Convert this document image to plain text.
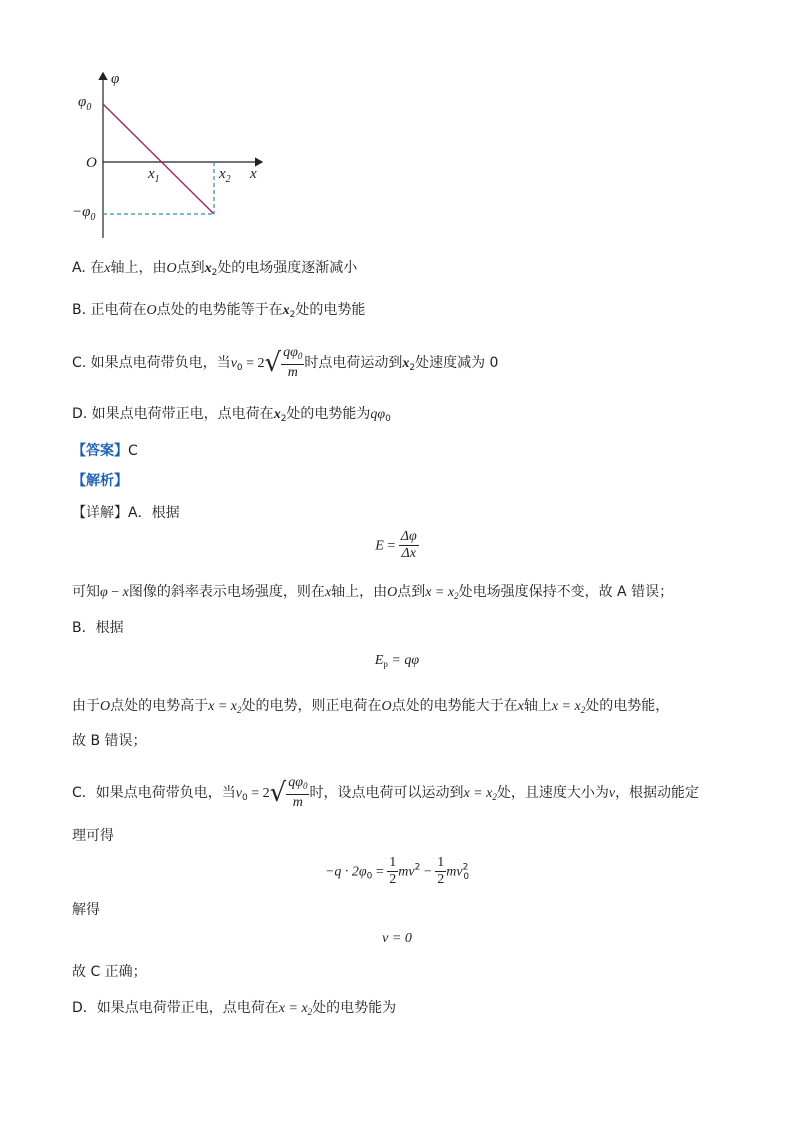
φ
$\varphi_0$
O
$x_1$	$x_2$ x
$-\varphi_0$
A. 在x轴上，由O点到$x_2$处的电场强度逐渐减小
B. 正电荷在O点处的电势能等于在$x_2$处的电势能
C. 如果点电荷带负电，当$v_0 = 2√ \frac{q\varphi_0}{m}$ 时点电荷运动到$x_2$处速度减为 0
D. 如果点电荷带正电，点电荷在$x_2$处的电势能为$q\varphi_0$
【答案】C
【解析】
【详解】A．根据
$E = \frac{\Delta\varphi}{\Delta x}$
可知φ − x图像的斜率表示电场强度，则在x轴上，由O点到$x = x_2$处电场强度保持不变，故 A 错误；
B．根据
$E_p = q\varphi$
由于O点处的电势高于$x = x_2$处的电势，则正电荷在O点处的电势能大于在x轴上$x = x_2$处的电势能，
故 B 错误；
C．如果点电荷带负电，当$v_0 = 2√ \frac{q\varphi_0}{m}$ 时，设点电荷可以运动到$x = x_2$处，且速度大小为v，根据动能定
理可得
$-q \cdot 2\varphi_0 = \frac{1}{2} mv^2 - \frac{1}{2} mv^2_0$
解得
v = 0
故 C 正确；
D．如果点电荷带正电，点电荷在$x = x_2$处的电势能为
